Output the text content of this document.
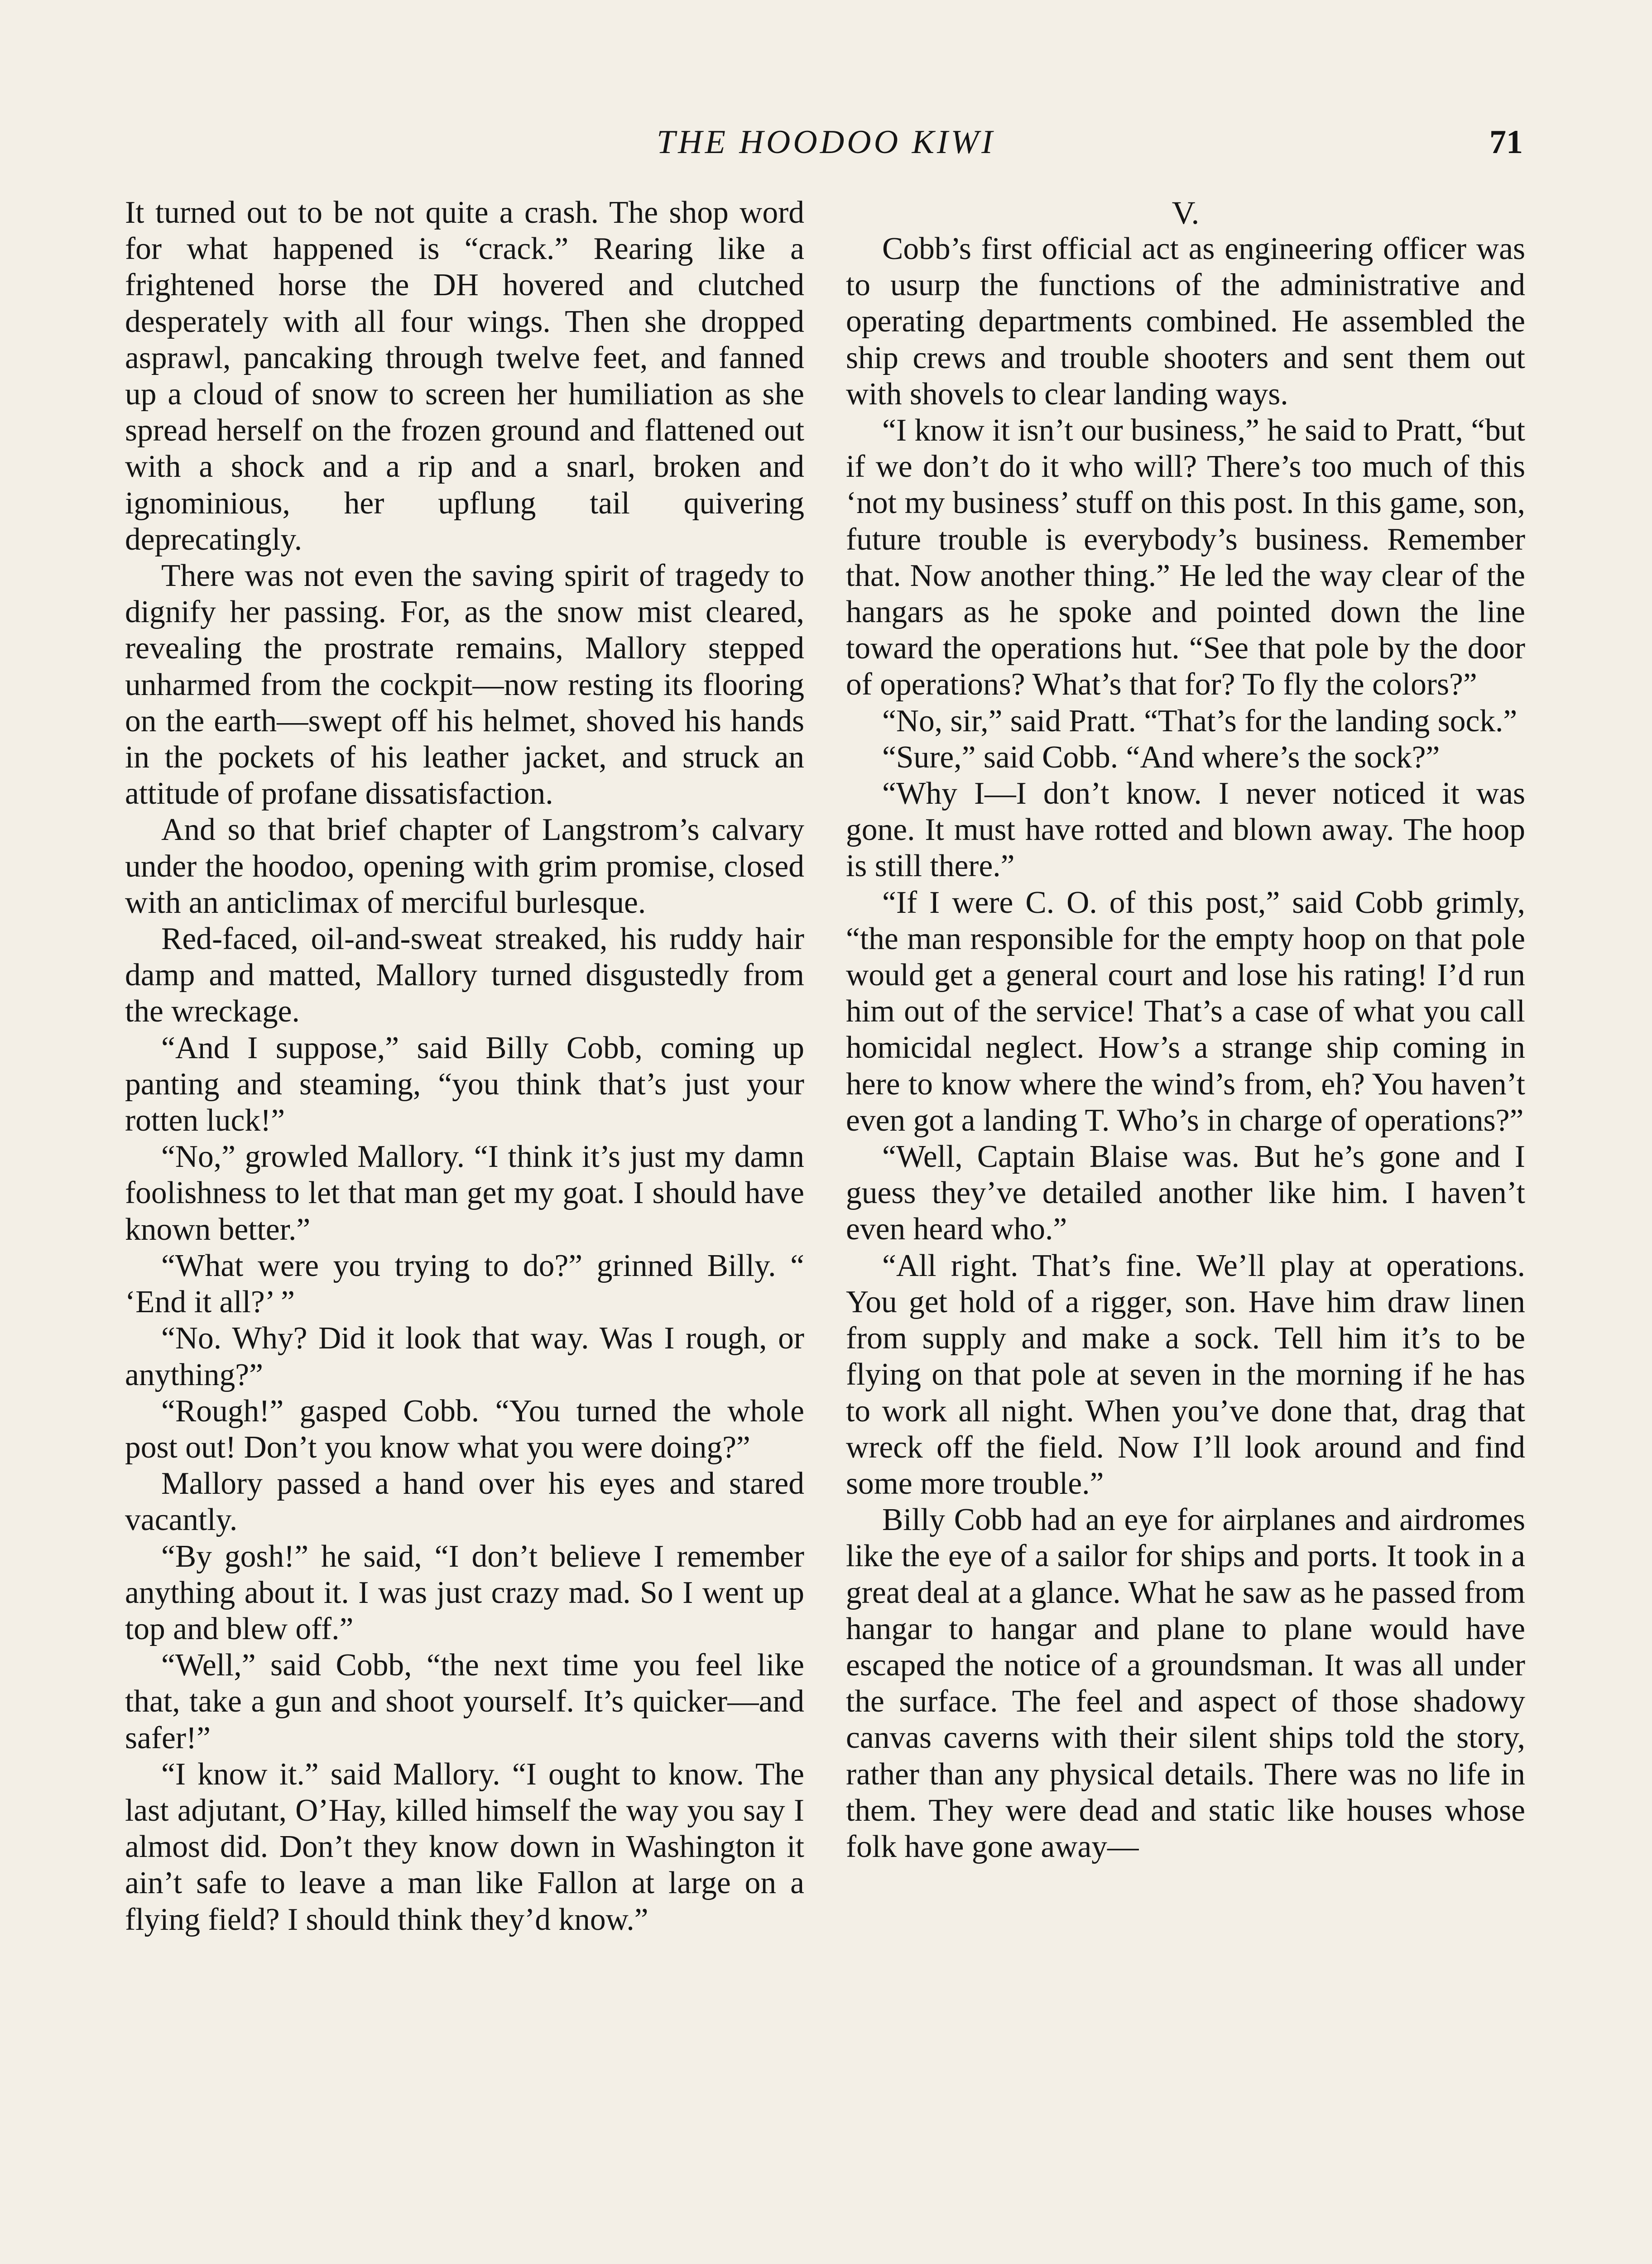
THE HOODOO KIWI	71

It turned out to be not quite a crash. The shop word for what happened is “crack.” Rearing like a frightened horse the DH hovered and clutched desperately with all four wings. Then she dropped asprawl, pancaking through twelve feet, and fanned up a cloud of snow to screen her humiliation as she spread herself on the frozen ground and flattened out with a shock and a rip and a snarl, broken and ignominious, her upflung tail quivering deprecatingly.

There was not even the saving spirit of tragedy to dignify her passing. For, as the snow mist cleared, revealing the prostrate remains, Mallory stepped unharmed from the cockpit—now resting its flooring on the earth—swept off his helmet, shoved his hands in the pockets of his leather jacket, and struck an attitude of profane dissatisfaction.

And so that brief chapter of Langstrom’s calvary under the hoodoo, opening with grim promise, closed with an anticlimax of merciful burlesque.

Red-faced, oil-and-sweat streaked, his ruddy hair damp and matted, Mallory turned disgustedly from the wreckage.

“And I suppose,” said Billy Cobb, coming up panting and steaming, “you think that’s just your rotten luck!”

“No,” growled Mallory. “I think it’s just my damn foolishness to let that man get my goat. I should have known better.”

“What were you trying to do?” grinned Billy. “ ‘End it all?’ ”

“No. Why? Did it look that way. Was I rough, or anything?”

“Rough!” gasped Cobb. “You turned the whole post out! Don’t you know what you were doing?”

Mallory passed a hand over his eyes and stared vacantly.

“By gosh!” he said, “I don’t believe I remember anything about it. I was just crazy mad. So I went up top and blew off.”

“Well,” said Cobb, “the next time you feel like that, take a gun and shoot yourself. It’s quicker—and safer!”

“I know it.” said Mallory. “I ought to know. The last adjutant, O’Hay, killed himself the way you say I almost did. Don’t they know down in Washington it ain’t safe to leave a man like Fallon at large on a flying field? I should think they’d know.”

V.

Cobb’s first official act as engineering officer was to usurp the functions of the administrative and operating departments combined. He assembled the ship crews and trouble shooters and sent them out with shovels to clear landing ways.

“I know it isn’t our business,” he said to Pratt, “but if we don’t do it who will? There’s too much of this ‘not my business’ stuff on this post. In this game, son, future trouble is everybody’s business. Remember that. Now another thing.” He led the way clear of the hangars as he spoke and pointed down the line toward the operations hut. “See that pole by the door of operations? What’s that for? To fly the colors?”

“No, sir,” said Pratt. “That’s for the landing sock.”

“Sure,” said Cobb. “And where’s the sock?”

“Why I—I don’t know. I never noticed it was gone. It must have rotted and blown away. The hoop is still there.”

“If I were C. O. of this post,” said Cobb grimly, “the man responsible for the empty hoop on that pole would get a general court and lose his rating! I’d run him out of the service! That’s a case of what you call homicidal neglect. How’s a strange ship coming in here to know where the wind’s from, eh? You haven’t even got a landing T. Who’s in charge of operations?”

“Well, Captain Blaise was. But he’s gone and I guess they’ve detailed another like him. I haven’t even heard who.”

“All right. That’s fine. We’ll play at operations. You get hold of a rigger, son. Have him draw linen from supply and make a sock. Tell him it’s to be flying on that pole at seven in the morning if he has to work all night. When you’ve done that, drag that wreck off the field. Now I’ll look around and find some more trouble.”

Billy Cobb had an eye for airplanes and airdromes like the eye of a sailor for ships and ports. It took in a great deal at a glance. What he saw as he passed from hangar to hangar and plane to plane would have escaped the notice of a groundsman. It was all under the surface. The feel and aspect of those shadowy canvas caverns with their silent ships told the story, rather than any physical details. There was no life in them. They were dead and static like houses whose folk have gone away—
